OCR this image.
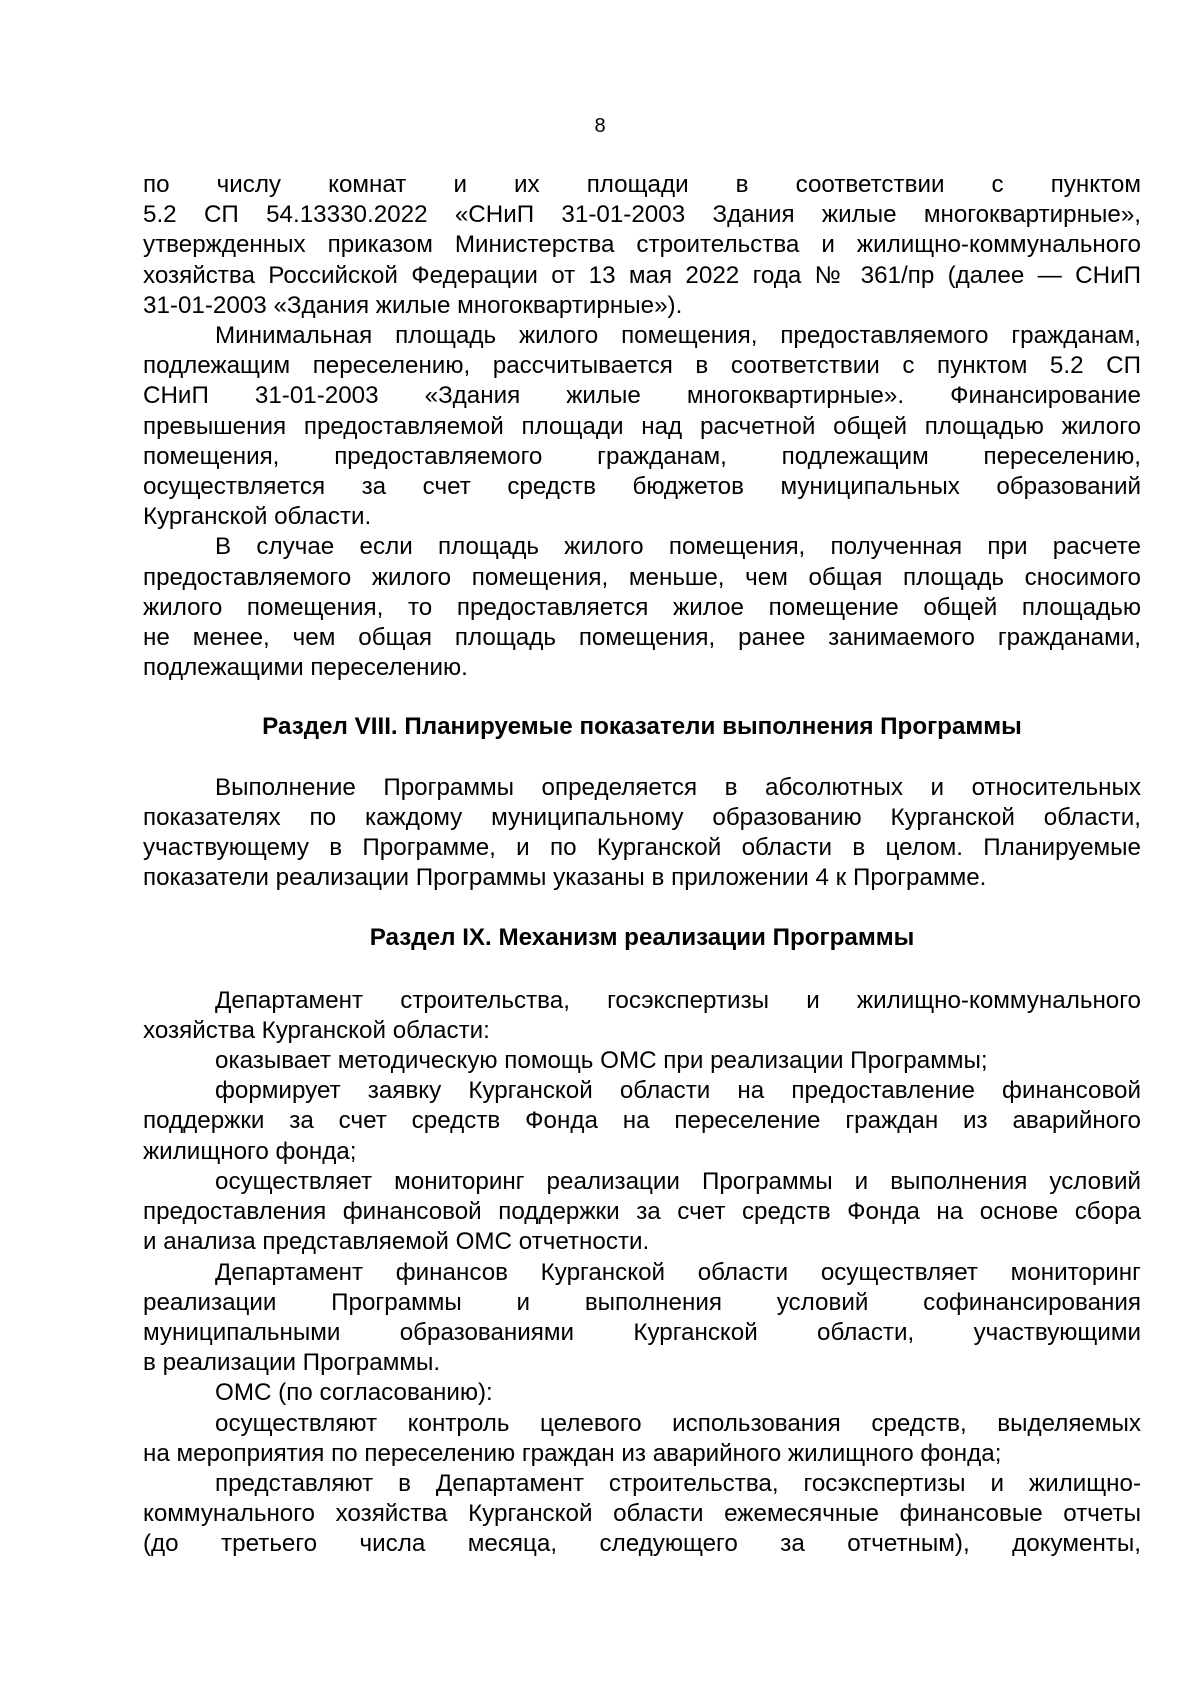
8
по числу комнат и их площади в соответствии с пунктом
5.2 СП 54.13330.2022 «СНиП 31-01-2003 Здания жилые многоквартирные»,
утвержденных приказом Министерства строительства и жилищно-коммунального
хозяйства Российской Федерации от 13 мая 2022 года № 361/пр (далее — СНиП
31-01-2003 «Здания жилые многоквартирные»).
Минимальная площадь жилого помещения, предоставляемого гражданам,
подлежащим переселению, рассчитывается в соответствии с пунктом 5.2 СП
СНиП 31-01-2003 «Здания жилые многоквартирные». Финансирование
превышения предоставляемой площади над расчетной общей площадью жилого
помещения, предоставляемого гражданам, подлежащим переселению,
осуществляется за счет средств бюджетов муниципальных образований
Курганской области.
В случае если площадь жилого помещения, полученная при расчете
предоставляемого жилого помещения, меньше, чем общая площадь сносимого
жилого помещения, то предоставляется жилое помещение общей площадью
не менее, чем общая площадь помещения, ранее занимаемого гражданами,
подлежащими переселению.
Раздел VIII. Планируемые показатели выполнения Программы
Выполнение Программы определяется в абсолютных и относительных
показателях по каждому муниципальному образованию Курганской области,
участвующему в Программе, и по Курганской области в целом. Планируемые
показатели реализации Программы указаны в приложении 4 к Программе.
Раздел IX. Механизм реализации Программы
Департамент строительства, госэкспертизы и жилищно-коммунального
хозяйства Курганской области:
оказывает методическую помощь ОМС при реализации Программы;
формирует заявку Курганской области на предоставление финансовой
поддержки за счет средств Фонда на переселение граждан из аварийного
жилищного фонда;
осуществляет мониторинг реализации Программы и выполнения условий
предоставления финансовой поддержки за счет средств Фонда на основе сбора
и анализа представляемой ОМС отчетности.
Департамент финансов Курганской области осуществляет мониторинг
реализации Программы и выполнения условий софинансирования
муниципальными образованиями Курганской области, участвующими
в реализации Программы.
ОМС (по согласованию):
осуществляют контроль целевого использования средств, выделяемых
на мероприятия по переселению граждан из аварийного жилищного фонда;
представляют в Департамент строительства, госэкспертизы и жилищно-
коммунального хозяйства Курганской области ежемесячные финансовые отчеты
(до третьего числа месяца, следующего за отчетным), документы,
